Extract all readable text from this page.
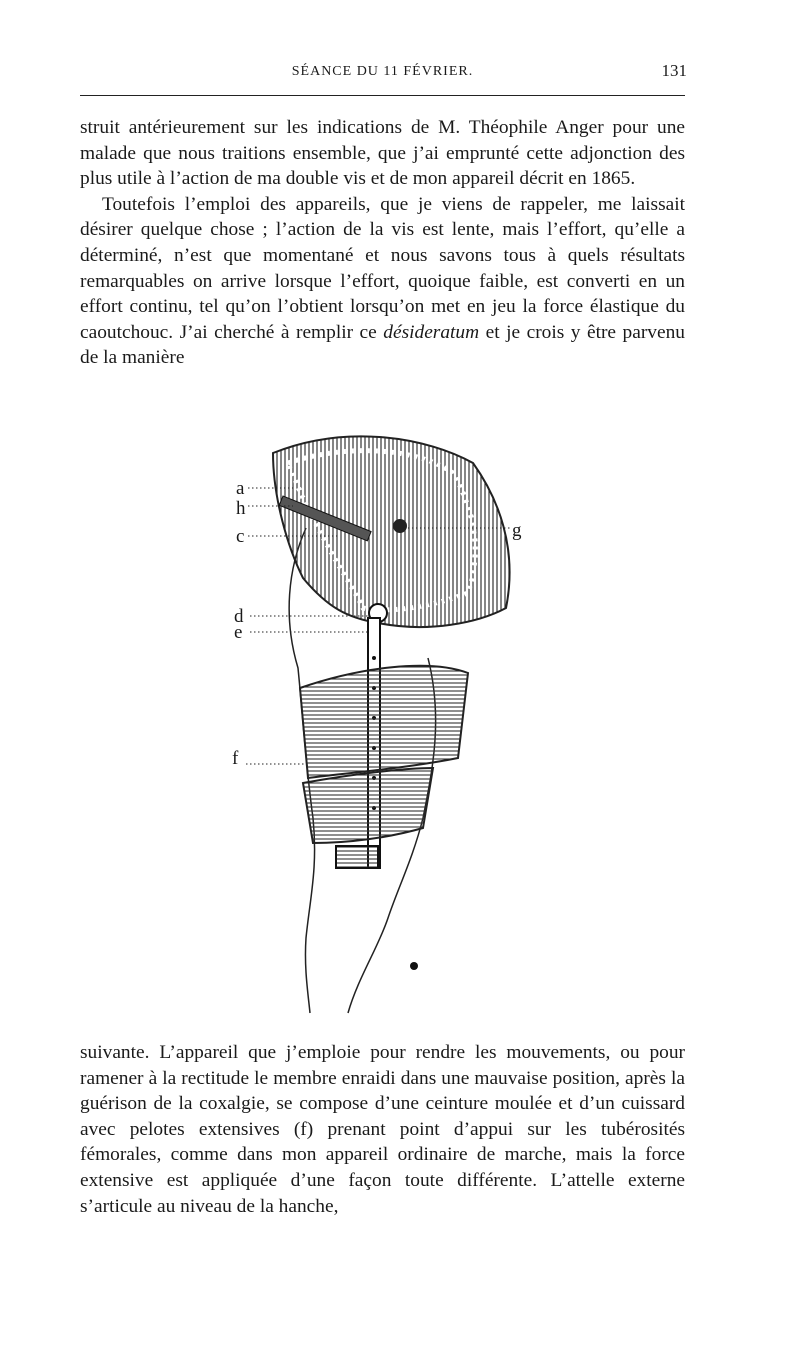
SÉANCE DU 11 FÉVRIER.	131

struit antérieurement sur les indications de M. Théophile Anger pour une malade que nous traitions ensemble, que j’ai emprunté cette adjonction des plus utile à l’action de ma double vis et de mon appareil décrit en 1865.

Toutefois l’emploi des appareils, que je viens de rappeler, me laissait désirer quelque chose ; l’action de la vis est lente, mais l’effort, qu’elle a déterminé, n’est que momentané et nous savons tous à quels résultats remarquables on arrive lorsque l’effort, quoique faible, est converti en un effort continu, tel qu’on l’obtient lorsqu’on met en jeu la force élastique du caoutchouc. J’ai cherché à remplir ce désideratum et je crois y être parvenu de la manière

a
h
c	g
d
e
f

suivante. L’appareil que j’emploie pour rendre les mouvements, ou pour ramener à la rectitude le membre enraidi dans une mauvaise position, après la guérison de la coxalgie, se compose d’une ceinture moulée et d’un cuissard avec pelotes extensives (f) prenant point d’appui sur les tubérosités fémorales, comme dans mon appareil ordinaire de marche, mais la force extensive est appliquée d’une façon toute différente. L’attelle externe s’articule au niveau de la hanche,
